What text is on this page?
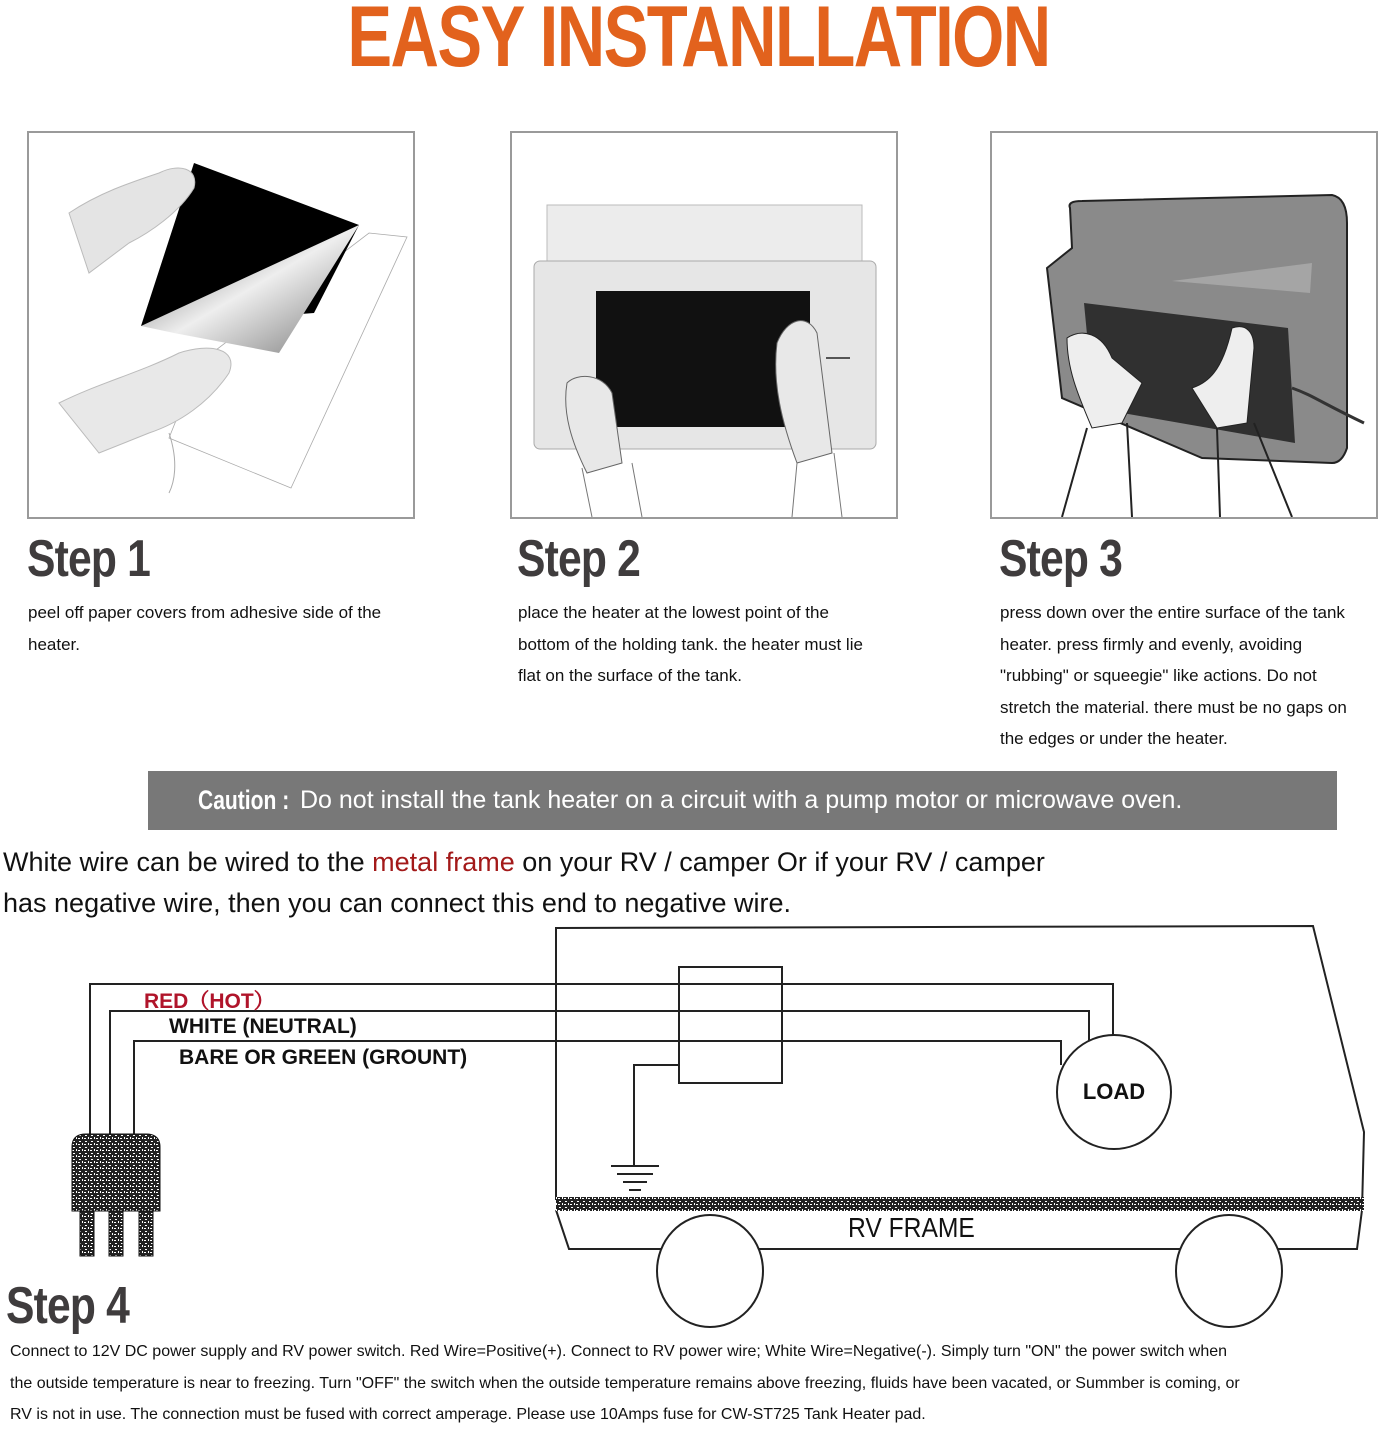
EASY INSTANLLATION
Step 1	Step 2	Step 3
peel off paper covers from adhesive side of the
heater.
place the heater at the lowest point of the
bottom of the holding tank. the heater must lie
flat on the surface of the tank.
press down over the entire surface of the tank
heater. press firmly and evenly, avoiding
"rubbing" or squeegie" like actions. Do not
stretch the material. there must be no gaps on
the edges or under the heater.
Caution : Do not install the tank heater on a circuit with a pump motor or microwave oven.
White wire can be wired to the metal frame on your RV / camper Or if your RV / camper
has negative wire, then you can connect this end to negative wire.
RED（HOT）
WHITE (NEUTRAL)
BARE OR GREEN (GROUNT)
LOAD
RV FRAME
Step 4
Connect to 12V DC power supply and RV power switch. Red Wire=Positive(+). Connect to RV power wire; White Wire=Negative(-). Simply turn "ON" the power switch when
the outside temperature is near to freezing. Turn "OFF" the switch when the outside temperature remains above freezing, fluids have been vacated, or Summber is coming, or
RV is not in use. The connection must be fused with correct amperage. Please use 10Amps fuse for CW-ST725 Tank Heater pad.
